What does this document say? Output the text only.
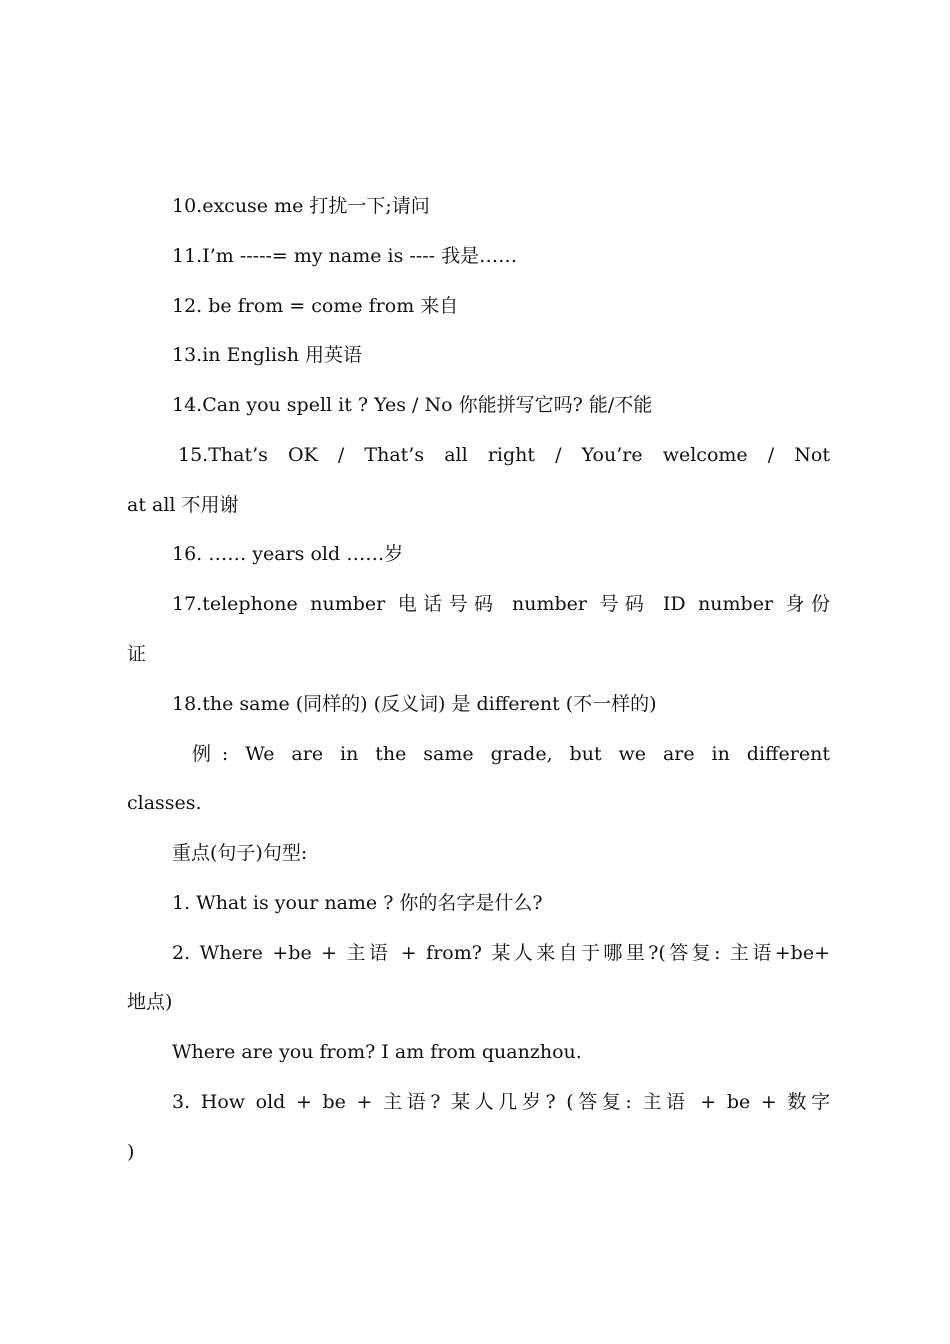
10.excuse me 打扰一下;请问
11.I’m -----= my name is ---- 我是……
12. be from = come from 来自
13.in English 用英语
14.Can you spell it ? Yes / No 你能拼写它吗? 能/不能
15.That’s OK / That’s all right / You’re welcome / Not
at all 不用谢
16. …… years old ……岁
17.telephone number 电话号码 number 号码 ID number 身份
证
18.the same (同样的) (反义词) 是 different (不一样的)
例: We are in the same grade, but we are in different
classes.
重点(句子)句型:
1. What is your name ? 你的名字是什么?
2. Where +be + 主语 + from? 某人来自于哪里?(答复: 主语+be+
地点)
Where are you from? I am from quanzhou.
3. How old + be + 主语? 某人几岁? (答复: 主语 + be + 数字
)
